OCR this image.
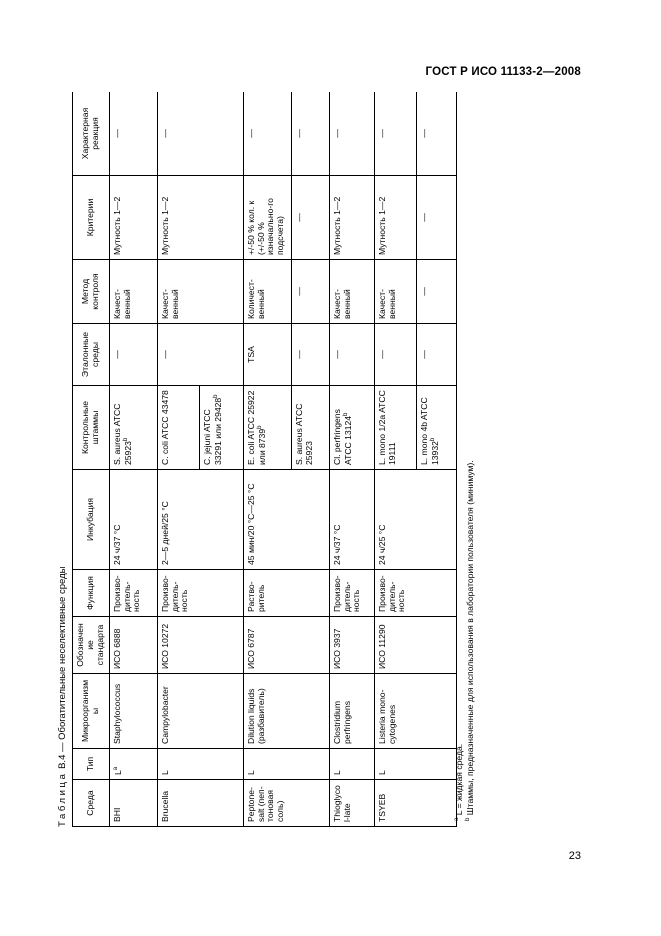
ГОСТ Р ИСО 11133-2—2008
Таблица В.4 — Обогатительные неселективные среды
Среда	Тип	Микроорганизмы	Обозначение стандарта	Функция	Инкубация	Контрольные штаммы	Эталонные среды	Метод контроля	Критерии	Характерная реакция
BHI	$L^a$	Staphylococcus	ИСО 6888	Произво-дитель-ность	24 ч/37 °C	S. aureus ATCC 25923$^b$	—	Качест-венный	Мутность 1—2	—
Brucella	L	Campylobacter	ИСО 10272	Произво-дитель-ность	2—5 дней/25 °C	C. coli ATCC 43478	—	Качест-венный	Мутность 1—2	—
						C. jejuni ATCC 33291 или 29428$^b$
Peptone-salt (пеп-тоновая соль)	L	Dilution liquids (разбавитель)	ИСО 6787	Раство-ритель	45 мин/20 °C—25 °C	E. coli ATCC 25922 или 8739$^b$	TSA	Количест-венный	+/-50 % кол. к (+/-50 % изначально-го подсчета)	—
						S. aureus ATCC 25923	—	—	—	—
Thioglycol-late	L	Clostridium perfringens	ИСО 3937	Произво-дитель-ность	24 ч/37 °C	Cl. perfringens ATCC 13124$^b$	—	Качест-венный	Мутность 1—2	—
TSYEB	L	Listeria mono-cytogenes	ИСО 11290	Произво-дитель-ность	24 ч/25 °C	L. mono 1/2a ATCC 19111	—	Качест-венный	Мутность 1—2	—
						L. mono 4b ATCC 13932$^b$	—	—	—	—
$^a$ L = жидкая среда.
$^b$ Штаммы, предназначенные для использования в лаборатории пользователя (минимум).
23
